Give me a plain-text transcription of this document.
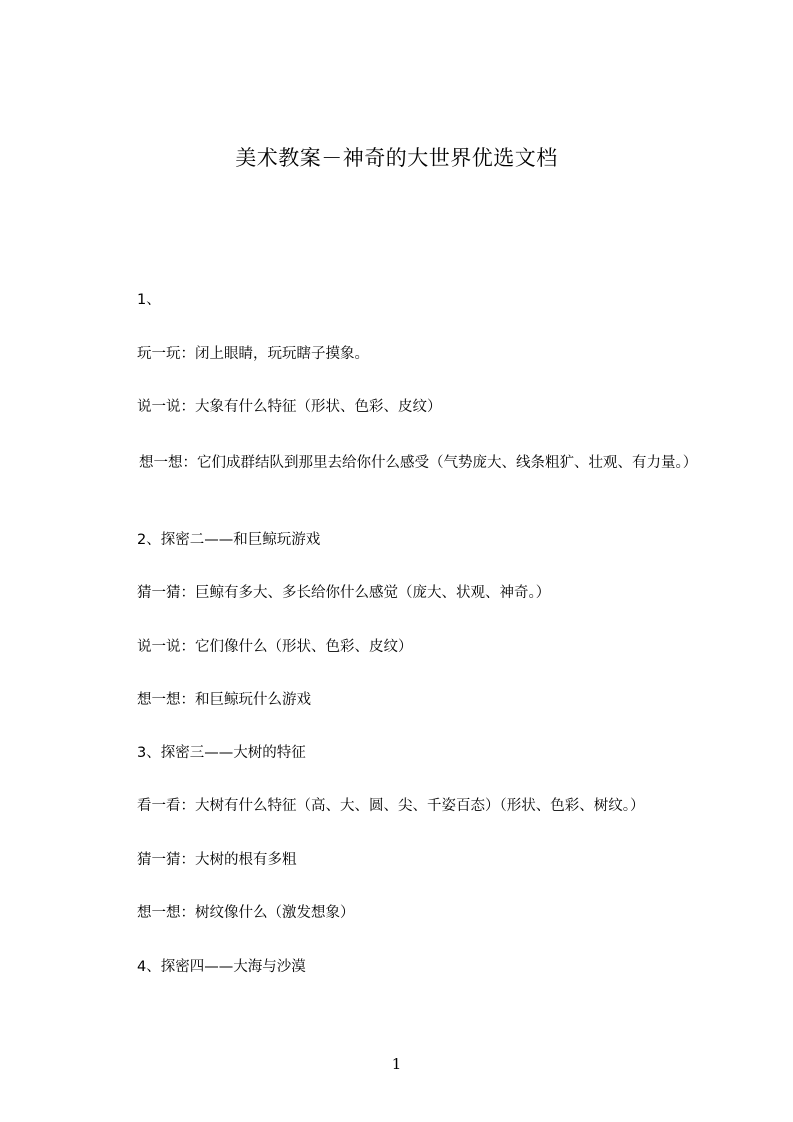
美术教案－神奇的大世界优选文档
1、
玩一玩：闭上眼睛，玩玩瞎子摸象。
说一说：大象有什么特征（形状、色彩、皮纹）
想一想：它们成群结队到那里去给你什么感受（气势庞大、线条粗犷、壮观、有力量。）
2、探密二——和巨鲸玩游戏
猜一猜：巨鲸有多大、多长给你什么感觉（庞大、状观、神奇。）
说一说：它们像什么（形状、色彩、皮纹）
想一想：和巨鲸玩什么游戏
3、探密三——大树的特征
看一看：大树有什么特征（高、大、圆、尖、千姿百态）（形状、色彩、树纹。）
猜一猜：大树的根有多粗
想一想：树纹像什么（激发想象）
4、探密四——大海与沙漠
1
